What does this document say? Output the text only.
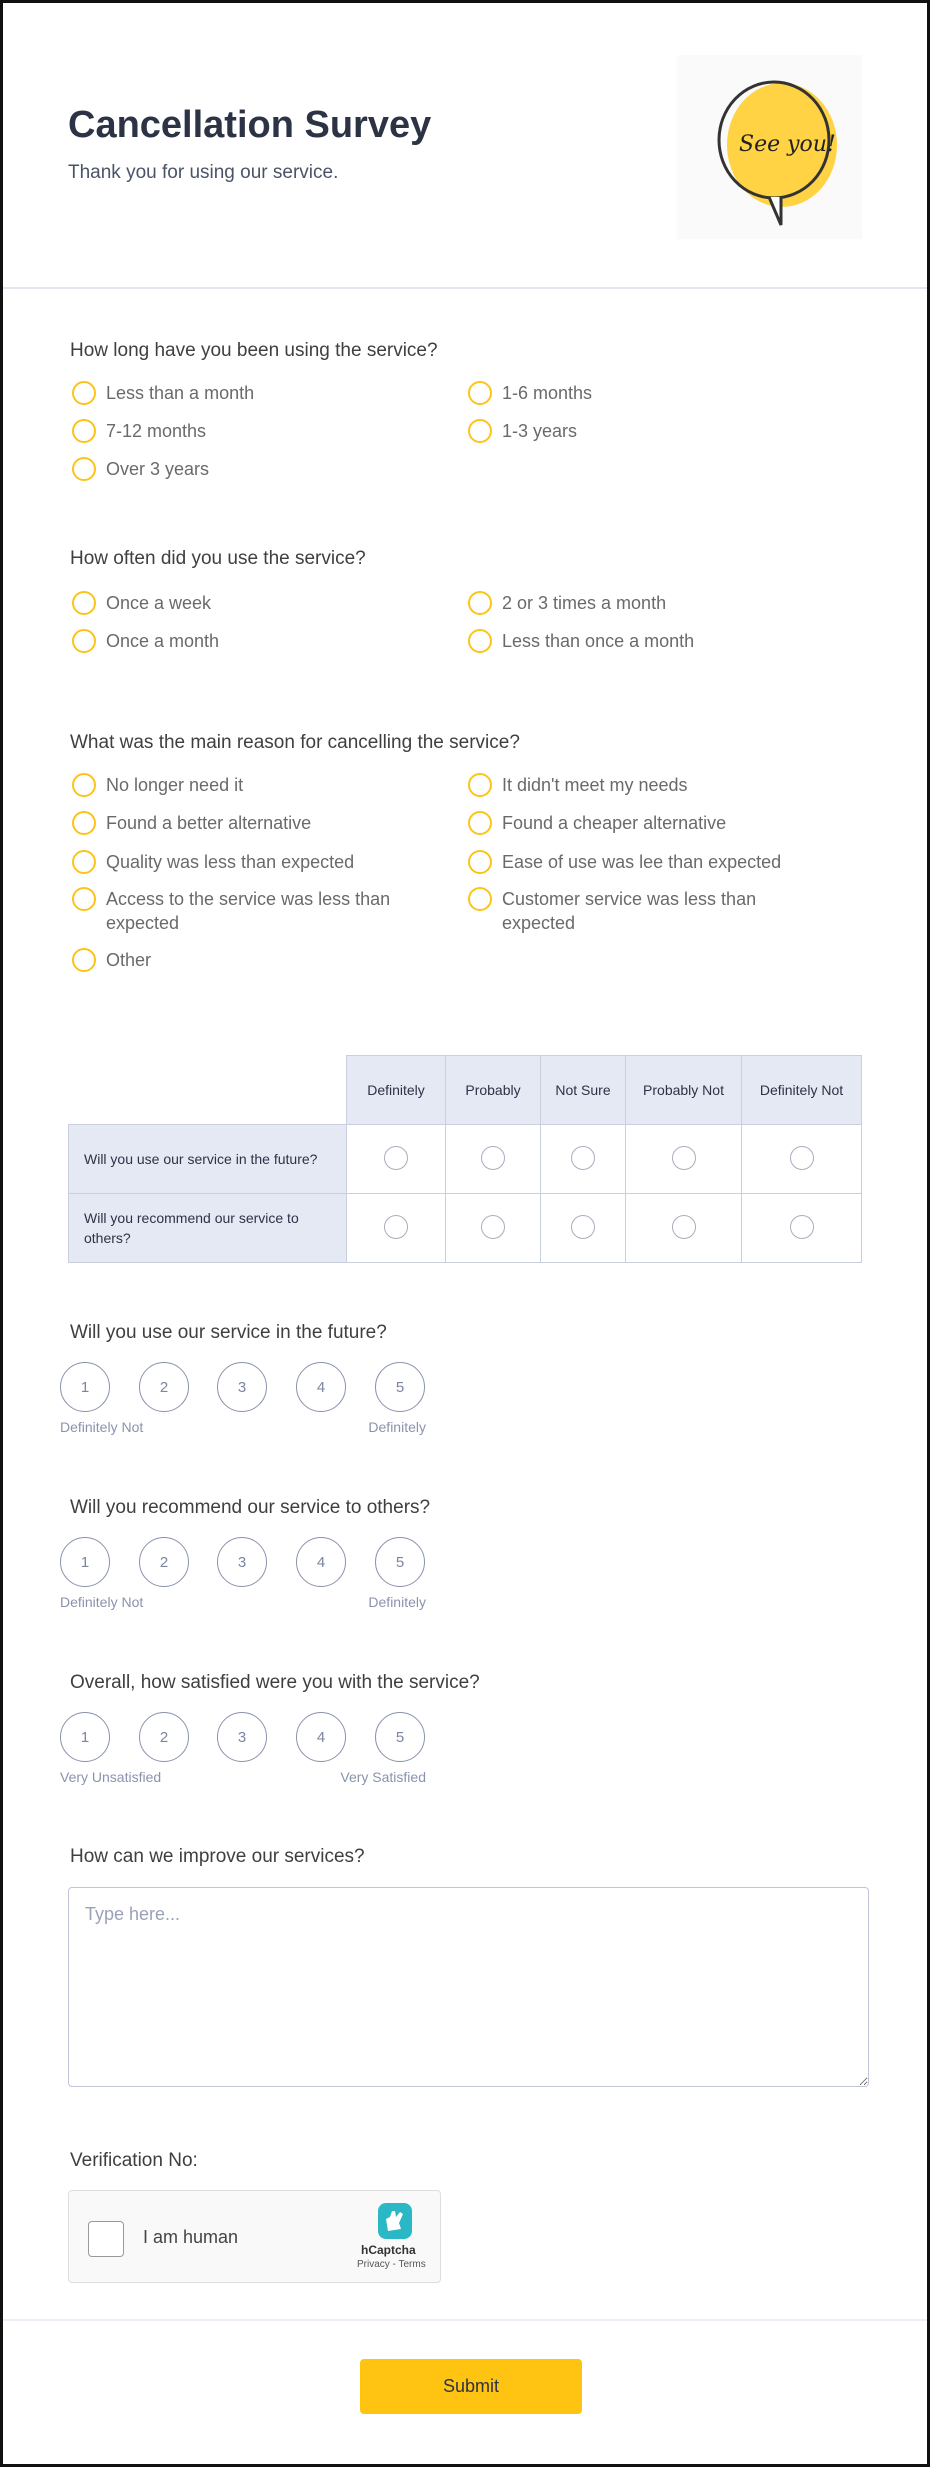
Cancellation Survey
Thank you for using our service.
See you!
How long have you been using the service?
Less than a month	1-6 months
7-12 months	1-3 years
Over 3 years
How often did you use the service?
Once a week	2 or 3 times a month
Once a month	Less than once a month
What was the main reason for cancelling the service?
No longer need it	It didn't meet my needs
Found a better alternative	Found a cheaper alternative
Quality was less than expected	Ease of use was lee than expected
Access to the service was less than expected
Customer service was less than expected
Other
	Definitely	Probably	Not Sure	Probably Not	Definitely Not
Will you use our service in the future?					
Will you recommend our service to others?					
Will you use our service in the future?
1	2	3	4	5
Definitely Not	Definitely
Will you recommend our service to others?
1	2	3	4	5
Definitely Not	Definitely
Overall, how satisfied were you with the service?
1	2	3	4	5
Very Unsatisfied	Very Satisfied
How can we improve our services?
Type here...
Verification No:
I am human
hCaptcha
Privacy - Terms
Submit
